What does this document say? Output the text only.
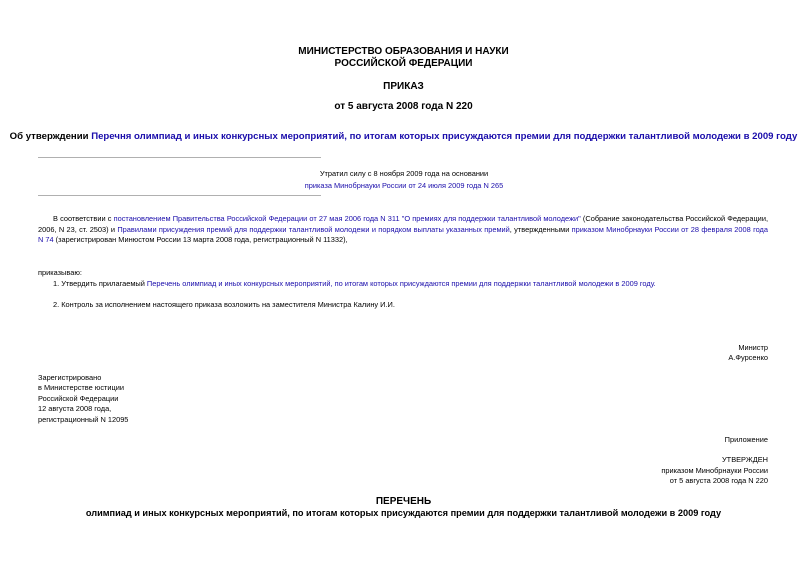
МИНИСТЕРСТВО ОБРАЗОВАНИЯ И НАУКИ
РОССИЙСКОЙ ФЕДЕРАЦИИ
ПРИКАЗ
от 5 августа 2008 года N 220
Об утверждении Перечня олимпиад и иных конкурсных мероприятий, по итогам которых присуждаются премии для поддержки талантливой молодежи в 2009 году
Утратил силу с 8 ноября 2009 года на основании
приказа Минобрнауки России от 24 июля 2009 года N 265
В соответствии с постановлением Правительства Российской Федерации от 27 мая 2006 года N 311 "О премиях для поддержки талантливой молодежи" (Собрание законодательства Российской Федерации, 2006, N 23, ст. 2503) и Правилами присуждения премий для поддержки талантливой молодежи и порядком выплаты указанных премий, утвержденными приказом Минобрнауки России от 28 февраля 2008 года N 74 (зарегистрирован Минюстом России 13 марта 2008 года, регистрационный N 11332),
приказываю:
1. Утвердить прилагаемый Перечень олимпиад и иных конкурсных мероприятий, по итогам которых присуждаются премии для поддержки талантливой молодежи в 2009 году.
2. Контроль за исполнением настоящего приказа возложить на заместителя Министра Калину И.И.
Министр
А.Фурсенко
Зарегистрировано
в Министерстве юстиции
Российской Федерации
12 августа 2008 года,
регистрационный N 12095
Приложение
УТВЕРЖДЕН
приказом Минобрнауки России
от 5 августа 2008 года N 220
ПЕРЕЧЕНЬ
олимпиад и иных конкурсных мероприятий, по итогам которых присуждаются премии для поддержки талантливой молодежи в 2009 году
